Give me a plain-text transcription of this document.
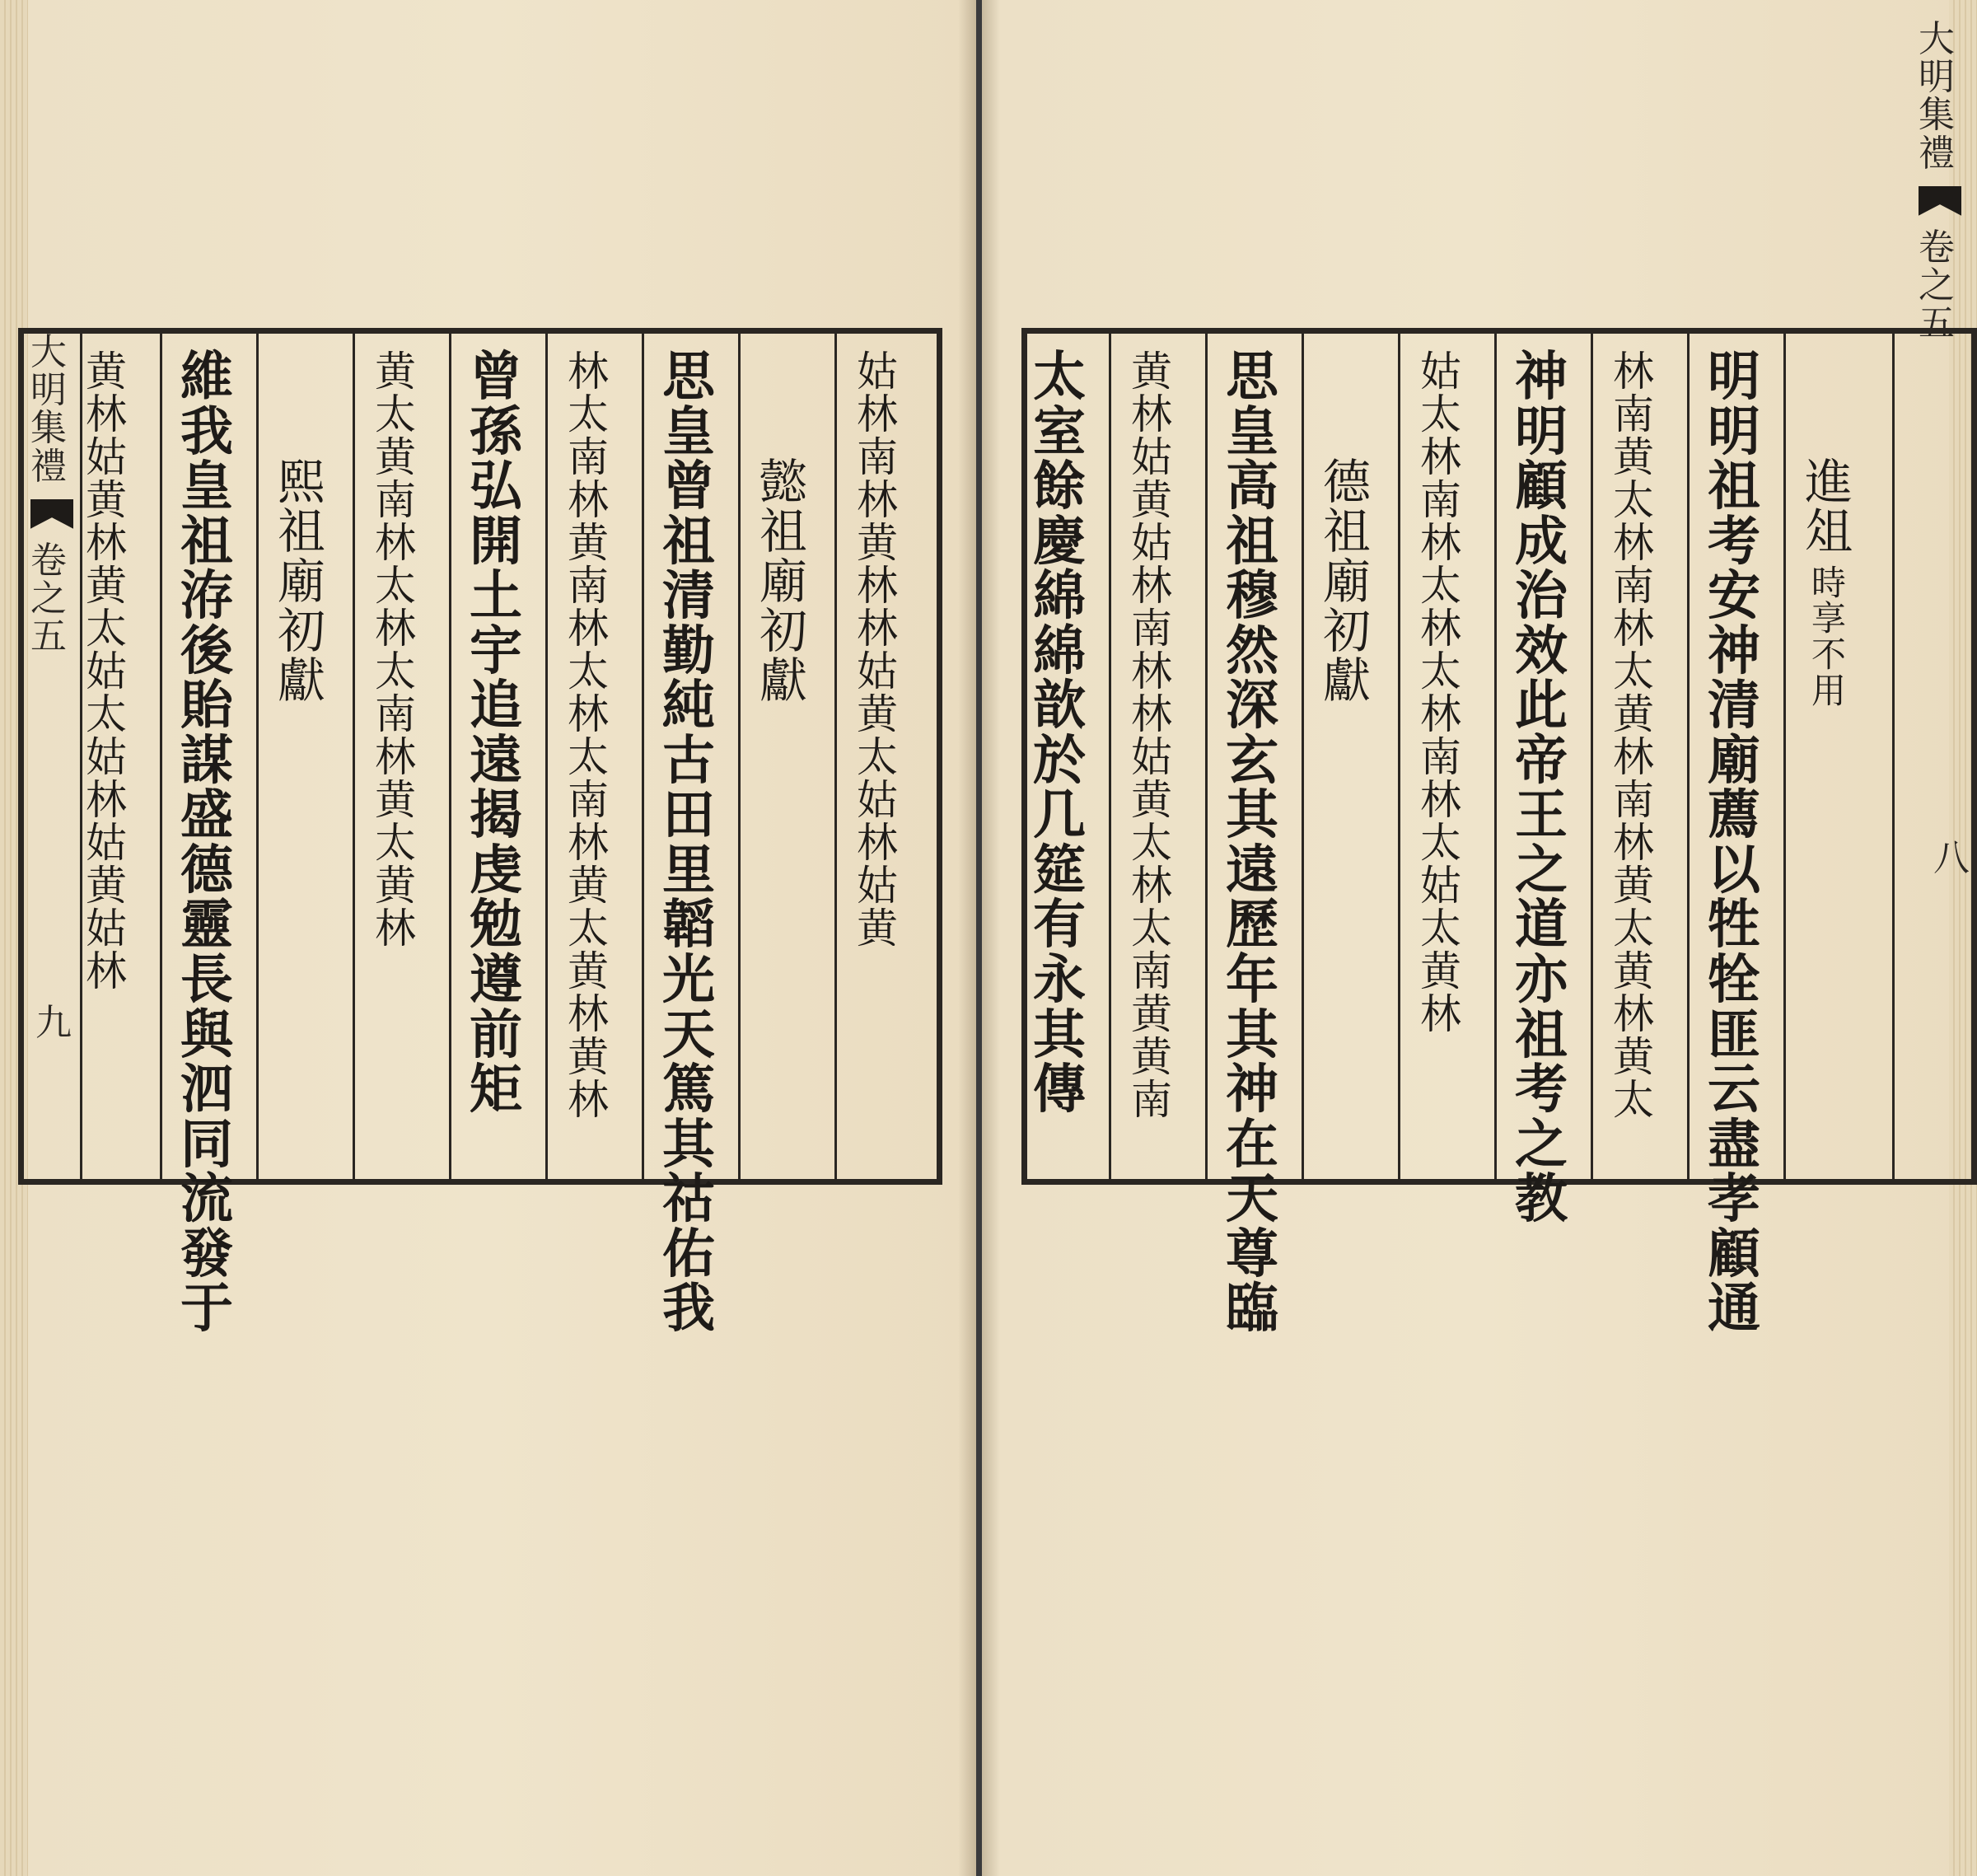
大明集禮
卷之五
九
姑
林
南
林
黄
林
林
姑
黄
太
姑
林
姑
黄
懿
祖
廟
初
獻
思
皇
曾
祖
清
勤
純
古
田
里
韜
光
天
篤
其
祜
佑
我
林
太
南
林
黄
南
林
太
林
太
南
林
黄
太
黄
林
黄
林
曾
孫
弘
開
土
宇
追
遠
揭
虔
勉
遵
前
矩
黄
太
黄
南
林
太
林
太
南
林
黄
太
黄
林
熙
祖
廟
初
獻
維
我
皇
祖
洊
後
貽
謀
盛
德
靈
長
與
泗
同
流
發
于
黄
林
姑
黄
林
黄
太
姑
太
姑
林
姑
黄
姑
林
進
俎
時
享
不
用
明
明
祖
考
安
神
清
廟
薦
以
牲
牷
匪
云
盡
孝
顧
通
林
南
黄
太
林
南
林
太
黄
林
南
林
黄
太
黄
林
黄
太
神
明
顧
成
治
效
此
帝
王
之
道
亦
祖
考
之
教
姑
太
林
南
林
太
林
太
林
南
林
太
姑
太
黄
林
德
祖
廟
初
獻
思
皇
高
祖
穆
然
深
玄
其
遠
歷
年
其
神
在
天
尊
臨
黄
林
姑
黄
姑
林
南
林
林
姑
黄
太
林
太
南
黄
黄
南
太
室
餘
慶
綿
綿
歆
於
几
筵
有
永
其
傳
大明集禮
卷之五
八
